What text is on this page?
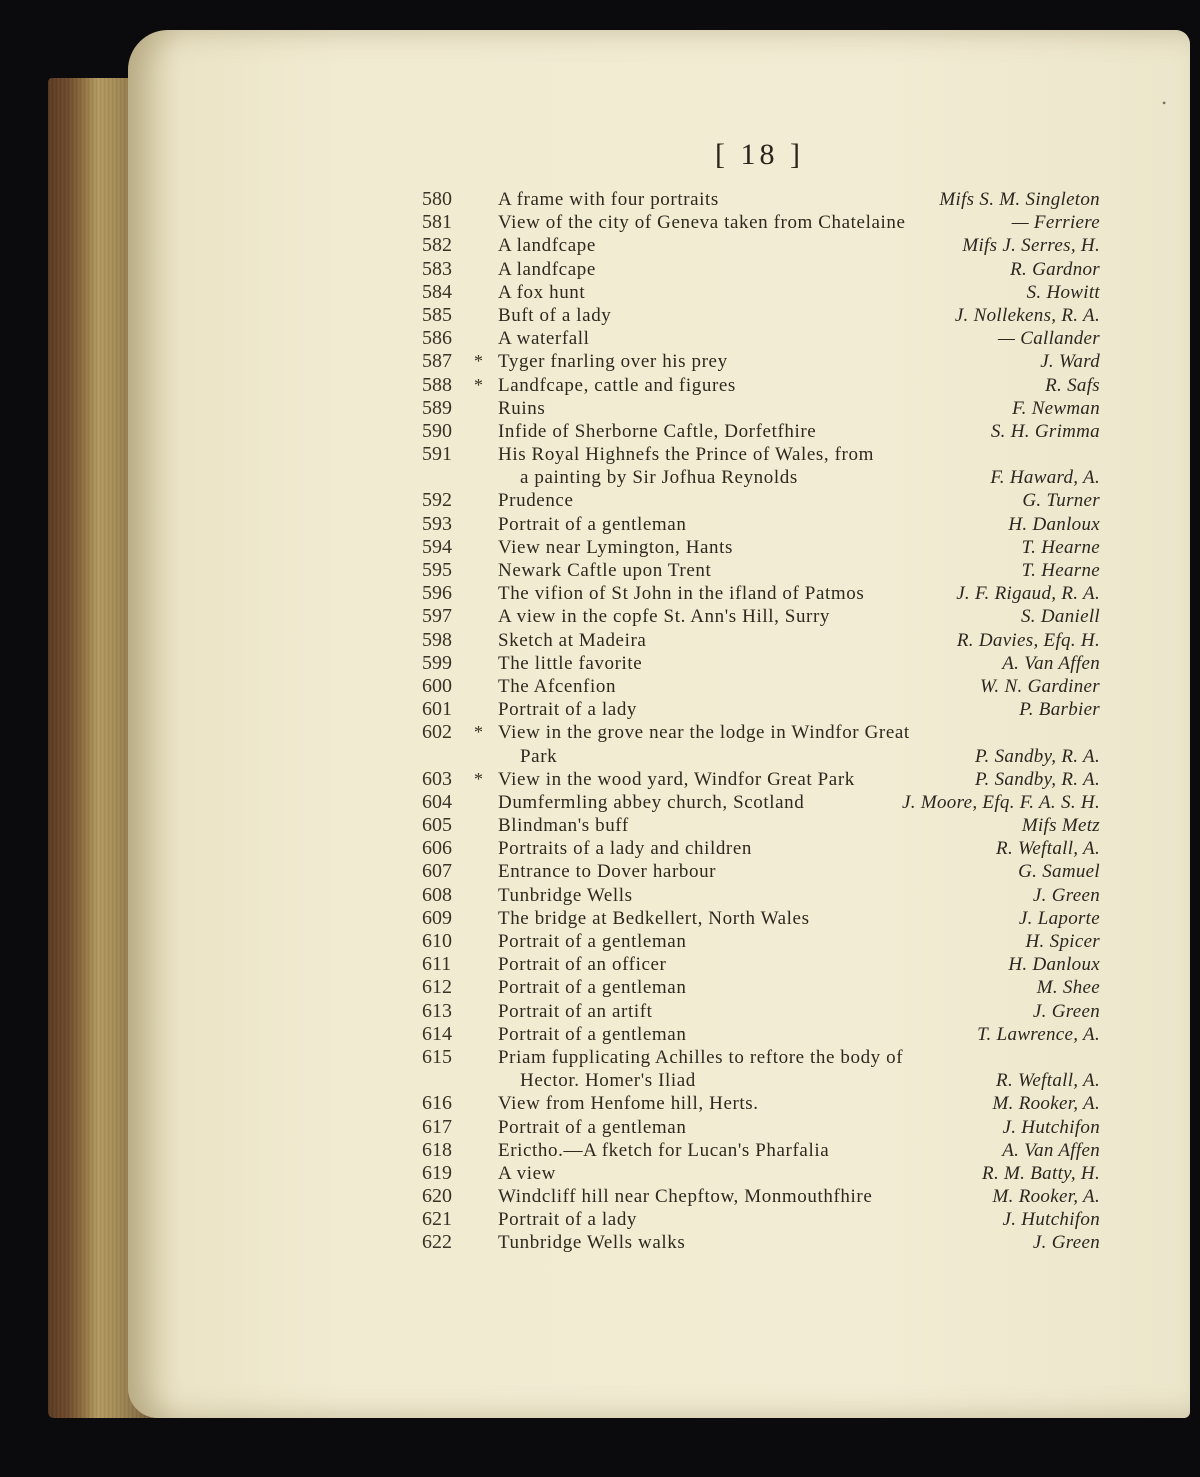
•
[ 18 ]
580	A frame with four portraits	Mifs S. M. Singleton
581	View of the city of Geneva taken from Chatelaine	— Ferriere
582	A landfcape	Mifs J. Serres, H.
583	A landfcape	R. Gardnor
584	A fox hunt	S. Howitt
585	Buft of a lady	J. Nollekens, R. A.
586	A waterfall	— Callander
587	* Tyger fnarling over his prey	J. Ward
588	* Landfcape, cattle and figures	R. Safs
589	Ruins	F. Newman
590	Infide of Sherborne Caftle, Dorfetfhire	S. H. Grimma
591	His Royal Highnefs the Prince of Wales, from
a painting by Sir Jofhua Reynolds	F. Haward, A.
592	Prudence	G. Turner
593	Portrait of a gentleman	H. Danloux
594	View near Lymington, Hants	T. Hearne
595	Newark Caftle upon Trent	T. Hearne
596	The vifion of St John in the ifland of Patmos	J. F. Rigaud, R. A.
597	A view in the copfe St. Ann's Hill, Surry	S. Daniell
598	Sketch at Madeira	R. Davies, Efq. H.
599	The little favorite	A. Van Affen
600	The Afcenfion	W. N. Gardiner
601	Portrait of a lady	P. Barbier
602	* View in the grove near the lodge in Windfor Great
Park	P. Sandby, R. A.
603	* View in the wood yard, Windfor Great Park	P. Sandby, R. A.
604	Dumfermling abbey church, Scotland	J. Moore, Efq. F. A. S. H.
605	Blindman's buff	Mifs Metz
606	Portraits of a lady and children	R. Weftall, A.
607	Entrance to Dover harbour	G. Samuel
608	Tunbridge Wells	J. Green
609	The bridge at Bedkellert, North Wales	J. Laporte
610	Portrait of a gentleman	H. Spicer
611	Portrait of an officer	H. Danloux
612	Portrait of a gentleman	M. Shee
613	Portrait of an artift	J. Green
614	Portrait of a gentleman	T. Lawrence, A.
615	Priam fupplicating Achilles to reftore the body of
Hector. Homer's Iliad	R. Weftall, A.
616	View from Henfome hill, Herts.	M. Rooker, A.
617	Portrait of a gentleman	J. Hutchifon
618	Erictho.—A fketch for Lucan's Pharfalia	A. Van Affen
619	A view	R. M. Batty, H.
620	Windcliff hill near Chepftow, Monmouthfhire	M. Rooker, A.
621	Portrait of a lady	J. Hutchifon
622	Tunbridge Wells walks	J. Green
